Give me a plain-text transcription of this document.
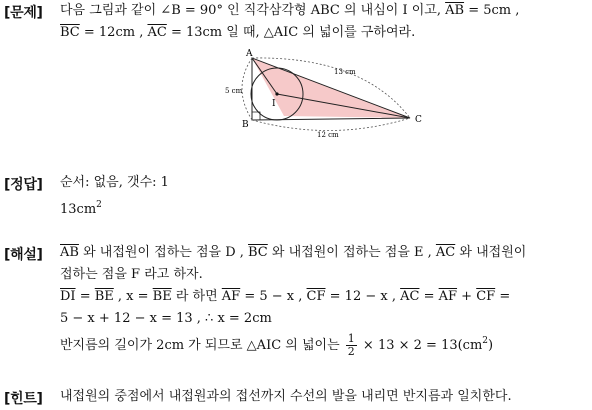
[문제] 다음 그림과 같이 ∠B = 90° 인 직각삼각형 ABC 의 내심이 I 이고, $\overline{AB} = 5cm$ ,
$\overline{BC} = 12cm$ , $\overline{AC} = 13cm$ 일 때, △AIC 의 넓이를 구하여라.
A
B	C
I
5 cm
13 cm
12 cm
[정답] 순서: 없음, 갯수: 1
$13cm^2$
[해설] $\overline{AB}$ 와 내접원이 접하는 점을 D , $\overline{BC}$ 와 내접원이 접하는 점을 E , $\overline{AC}$ 와 내접원이
접하는 점을 F 라고 하자.
$\overline{DI} = \overline{BE}$ , $x = \overline{BE}$ 라 하면 $\overline{AF} = 5 - x$ , $\overline{CF} = 12 - x$ , $\overline{AC} = \overline{AF} + \overline{CF}$ =
5 − x + 12 − x = 13 , ∴ x = 2cm
반지름의 길이가 2cm 가 되므로 △AIC 의 넓이는 $\frac{1}{2} \times 13 \times 2 = 13(cm^2)$
[힌트] 내접원의 중점에서 내접원과의 접선까지 수선의 발을 내리면 반지름과 일치한다.
